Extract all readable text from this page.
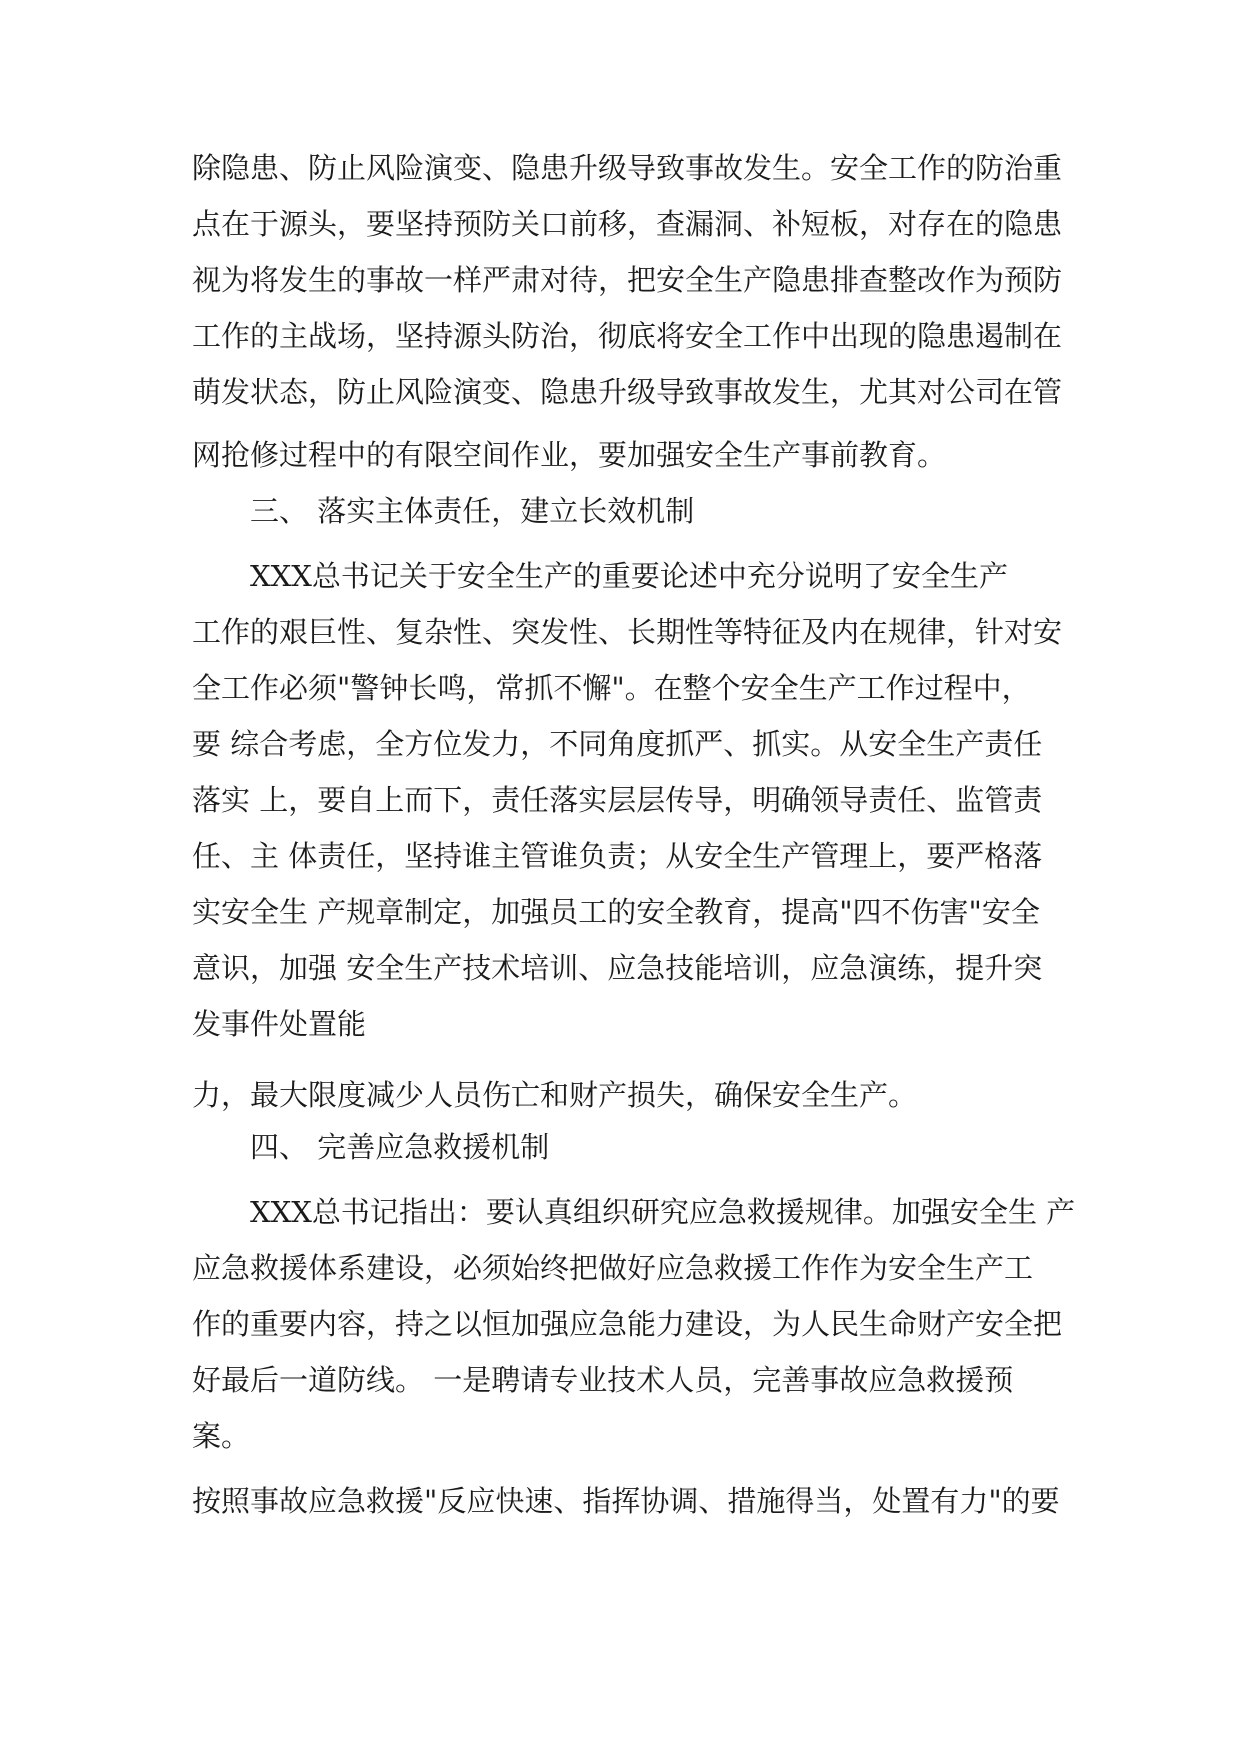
除隐患、防止风险演变、隐患升级导致事故发生。安全工作的防治重
点在于源头，要坚持预防关口前移，查漏洞、补短板，对存在的隐患
视为将发生的事故一样严肃对待，把安全生产隐患排查整改作为预防
工作的主战场，坚持源头防治，彻底将安全工作中出现的隐患遏制在
萌发状态，防止风险演变、隐患升级导致事故发生，尤其对公司在管
网抢修过程中的有限空间作业，要加强安全生产事前教育。
三、 落实主体责任，建立长效机制
XXX总书记关于安全生产的重要论述中充分说明了安全生产
工作的艰巨性、复杂性、突发性、长期性等特征及内在规律，针对安
全工作必须"警钟长鸣，常抓不懈"。在整个安全生产工作过程中，
要 综合考虑，全方位发力，不同角度抓严、抓实。从安全生产责任
落实 上，要自上而下，责任落实层层传导，明确领导责任、监管责
任、主 体责任，坚持谁主管谁负责；从安全生产管理上，要严格落
实安全生 产规章制定，加强员工的安全教育，提高"四不伤害"安全
意识，加强 安全生产技术培训、应急技能培训，应急演练，提升突
发事件处置能
力，最大限度减少人员伤亡和财产损失，确保安全生产。
四、 完善应急救援机制
XXX总书记指出：要认真组织研究应急救援规律。加强安全生 产
应急救援体系建设，必须始终把做好应急救援工作作为安全生产工
作的重要内容，持之以恒加强应急能力建设，为人民生命财产安全把
好最后一道防线。 一是聘请专业技术人员，完善事故应急救援预
案。
按照事故应急救援"反应快速、指挥协调、措施得当，处置有力"的要
